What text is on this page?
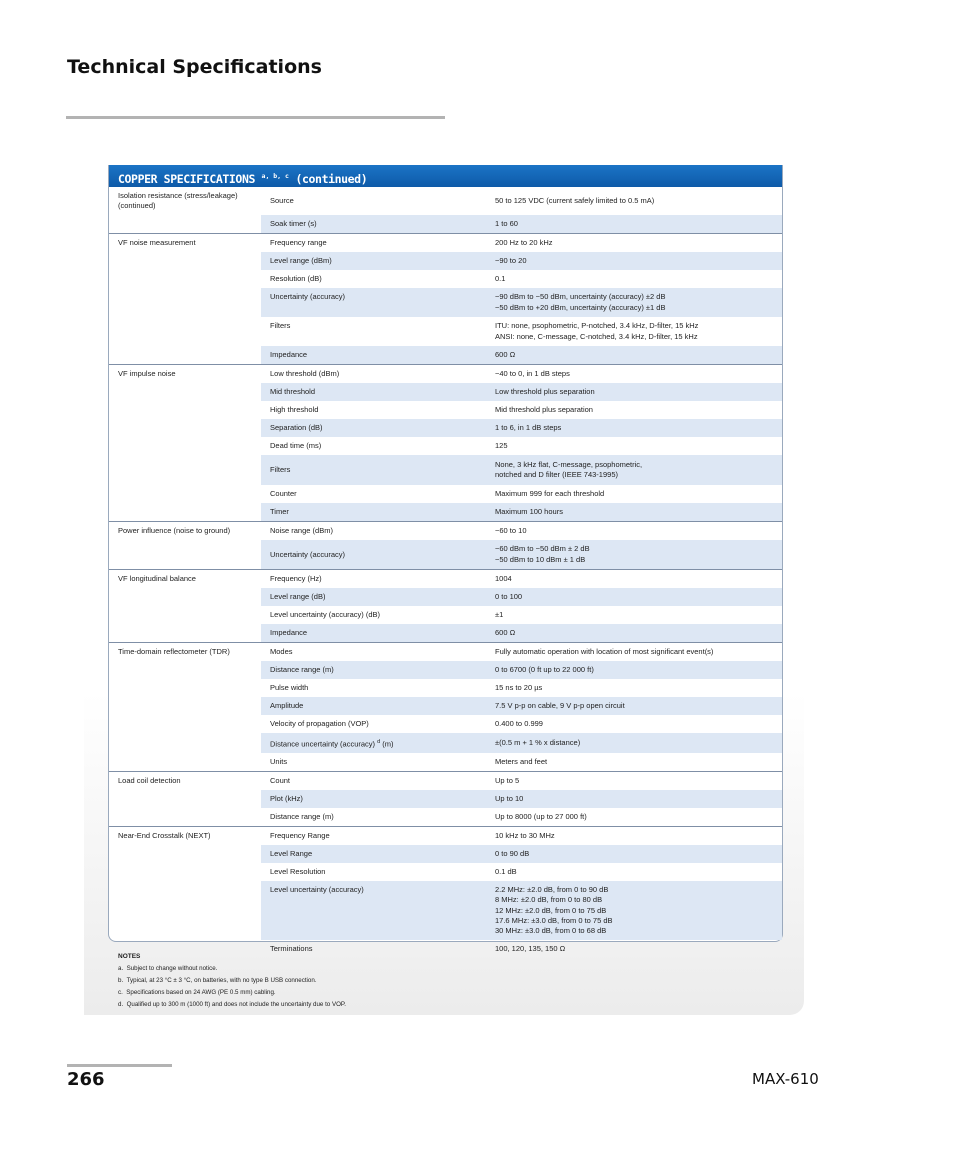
Technical Specifications
COPPER SPECIFICATIONS $^{a, b, c}$ (continued)
Isolation resistance (stress/leakage) (continued)	Source	50 to 125 VDC (current safely limited to 0.5 mA)
	Soak timer (s)	1 to 60

VF noise measurement	Frequency range	200 Hz to 20 kHz
	Level range (dBm)	−90 to 20
	Resolution (dB)	0.1
	Uncertainty (accuracy)	−90 dBm to −50 dBm, uncertainty (accuracy) ±2 dB
−50 dBm to +20 dBm, uncertainty (accuracy) ±1 dB
	Filters	ITU: none, psophometric, P-notched, 3.4 kHz, D-filter, 15 kHz
ANSI: none, C-message, C-notched, 3.4 kHz, D-filter, 15 kHz
	Impedance	600 Ω

VF impulse noise	Low threshold (dBm)	−40 to 0, in 1 dB steps
	Mid threshold	Low threshold plus separation
	High threshold	Mid threshold plus separation
	Separation (dB)	1 to 6, in 1 dB steps
	Dead time (ms)	125
	Filters	None, 3 kHz flat, C-message, psophometric,
notched and D filter (IEEE 743-1995)
	Counter	Maximum 999 for each threshold
	Timer	Maximum 100 hours

Power influence (noise to ground)	Noise range (dBm)	−60 to 10
	Uncertainty (accuracy)	−60 dBm to −50 dBm ± 2 dB
−50 dBm to 10 dBm ± 1 dB

VF longitudinal balance	Frequency (Hz)	1004
	Level range (dB)	0 to 100
	Level uncertainty (accuracy) (dB)	±1
	Impedance	600 Ω

Time-domain reflectometer (TDR)	Modes	Fully automatic operation with location of most significant event(s)
	Distance range (m)	0 to 6700 (0 ft up to 22 000 ft)
	Pulse width	15 ns to 20 µs
	Amplitude	7.5 V p-p on cable, 9 V p-p open circuit
	Velocity of propagation (VOP)	0.400 to 0.999
	Distance uncertainty (accuracy) $^d$ (m)	±(0.5 m + 1 % x distance)
	Units	Meters and feet

Load coil detection	Count	Up to 5
	Plot (kHz)	Up to 10
	Distance range (m)	Up to 8000 (up to 27 000 ft)

Near-End Crosstalk (NEXT)	Frequency Range	10 kHz to 30 MHz
	Level Range	0 to 90 dB
	Level Resolution	0.1 dB
	Level uncertainty (accuracy)	2.2 MHz: ±2.0 dB, from 0 to 90 dB
8 MHz: ±2.0 dB, from 0 to 80 dB
12 MHz: ±2.0 dB, from 0 to 75 dB
17.6 MHz: ±3.0 dB, from 0 to 75 dB
30 MHz: ±3.0 dB, from 0 to 68 dB
	Terminations	100, 120, 135, 150 Ω
NOTES
a.  Subject to change without notice.
b.  Typical, at 23 °C ± 3 °C, on batteries, with no type B USB connection.
c.  Specifications based on 24 AWG (PE 0.5 mm) cabling.
d.  Qualified up to 300 m (1000 ft) and does not include the uncertainty due to VOP.
266	MAX-610
